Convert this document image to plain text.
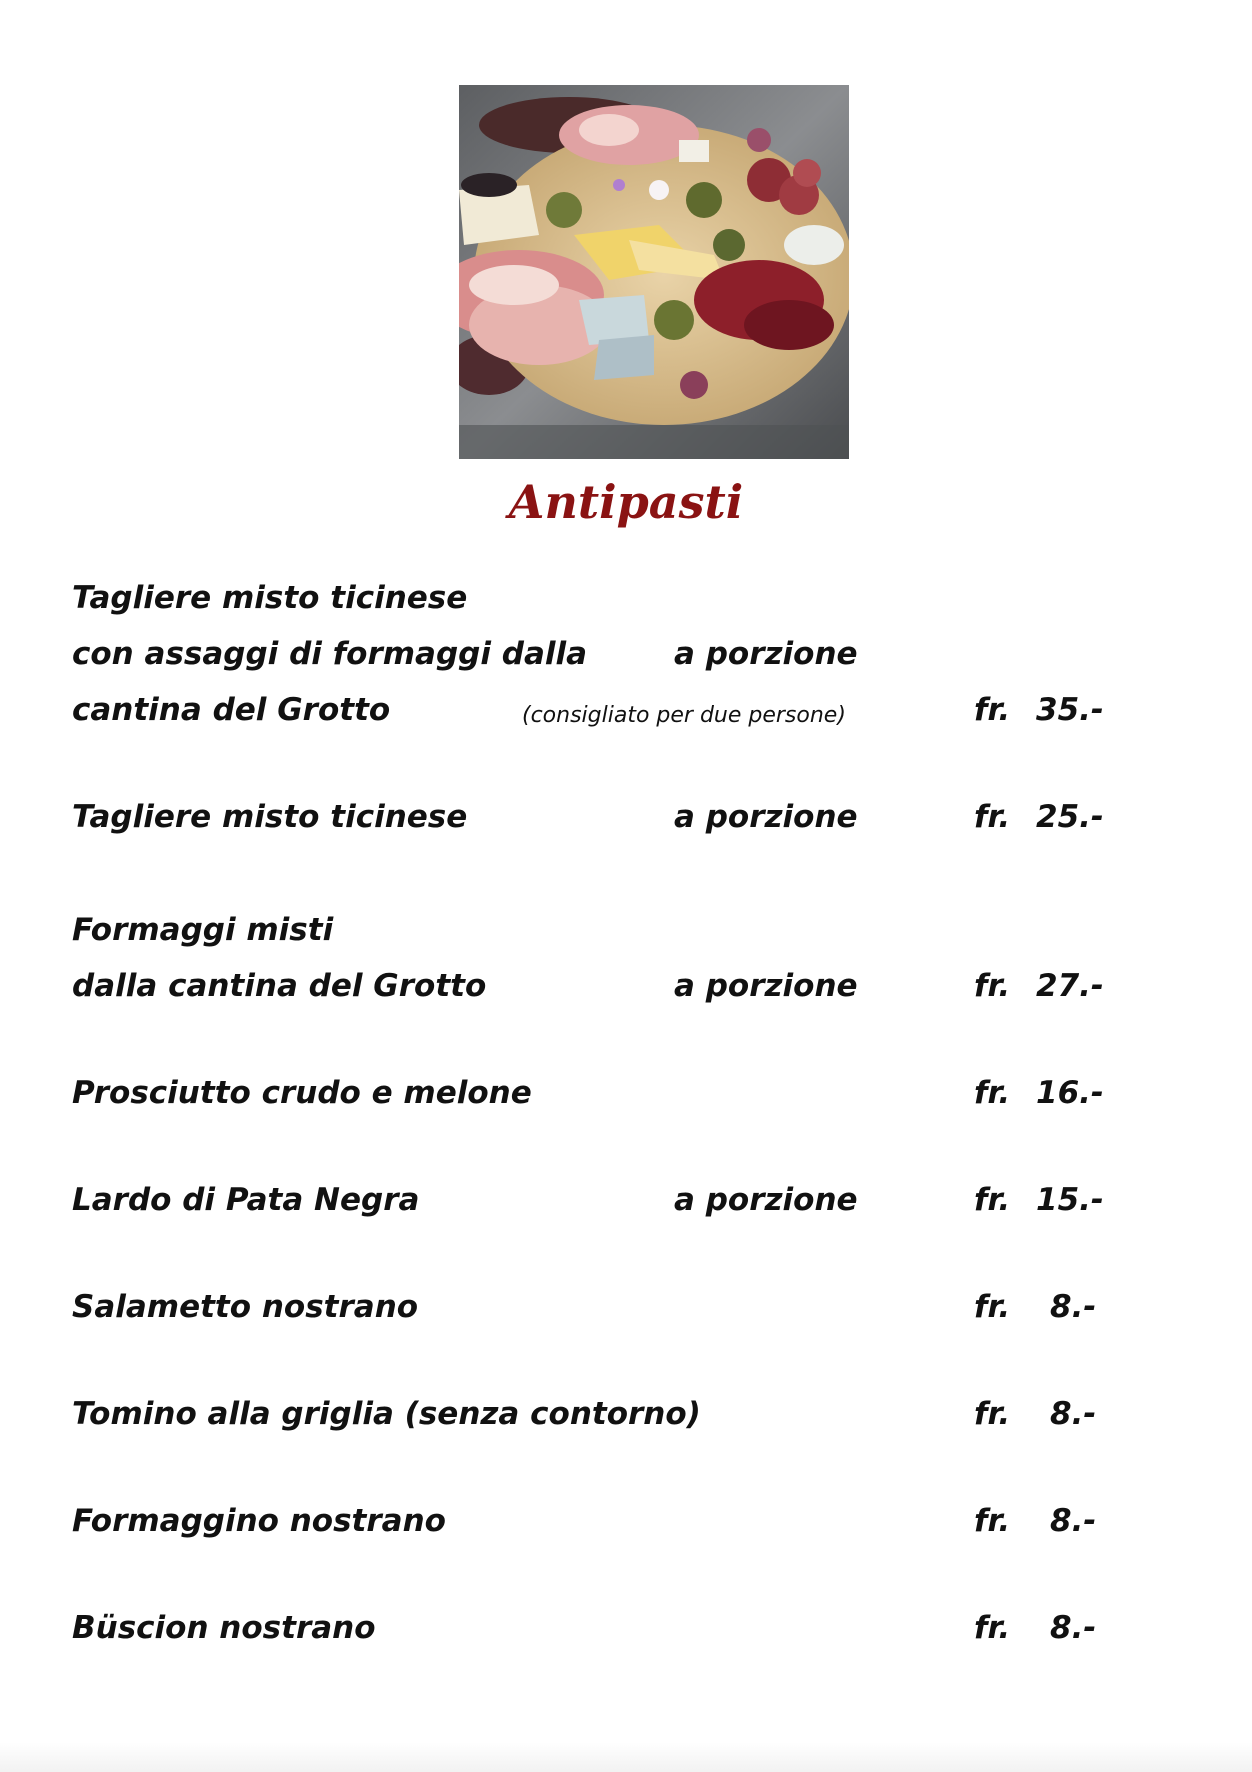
Antipasti
Tagliere misto ticinese
con assaggi di formaggi dalla	a porzione
cantina del Grotto	(consigliato per due persone)	fr. 35.-
Tagliere misto ticinese	a porzione	fr. 25.-
Formaggi misti
dalla cantina del Grotto	a porzione	fr. 27.-
Prosciutto crudo e melone	fr. 16.-
Lardo di Pata Negra	a porzione	fr. 15.-
Salametto nostrano	fr. 8.-
Tomino alla griglia (senza contorno)	fr. 8.-
Formaggino nostrano	fr. 8.-
Büscion nostrano	fr. 8.-
